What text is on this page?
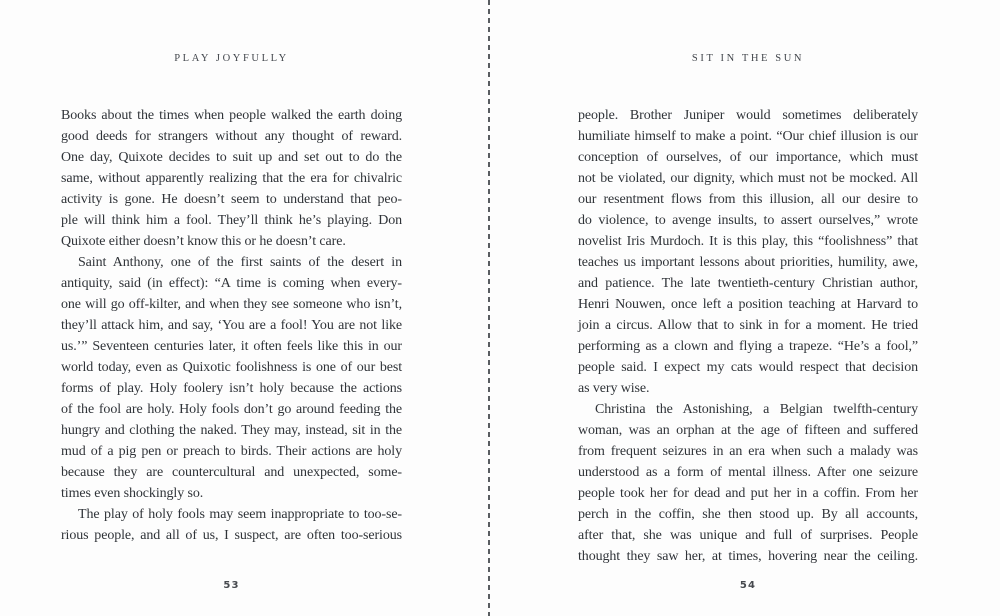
PLAY JOYFULLY
Books about the times when people walked the earth doing
good deeds for strangers without any thought of reward.
One day, Quixote decides to suit up and set out to do the
same, without apparently realizing that the era for chivalric
activity is gone. He doesn’t seem to understand that peo-
ple will think him a fool. They’ll think he’s playing. Don
Quixote either doesn’t know this or he doesn’t care.
Saint Anthony, one of the first saints of the desert in
antiquity, said (in effect): “A time is coming when every-
one will go off-kilter, and when they see someone who isn’t,
they’ll attack him, and say, ‘You are a fool! You are not like
us.’” Seventeen centuries later, it often feels like this in our
world today, even as Quixotic foolishness is one of our best
forms of play. Holy foolery isn’t holy because the actions
of the fool are holy. Holy fools don’t go around feeding the
hungry and clothing the naked. They may, instead, sit in the
mud of a pig pen or preach to birds. Their actions are holy
because they are countercultural and unexpected, some-
times even shockingly so.
The play of holy fools may seem inappropriate to too-se-
rious people, and all of us, I suspect, are often too-serious
53
SIT IN THE SUN
people. Brother Juniper would sometimes deliberately
humiliate himself to make a point. “Our chief illusion is our
conception of ourselves, of our importance, which must
not be violated, our dignity, which must not be mocked. All
our resentment flows from this illusion, all our desire to
do violence, to avenge insults, to assert ourselves,” wrote
novelist Iris Murdoch. It is this play, this “foolishness” that
teaches us important lessons about priorities, humility, awe,
and patience. The late twentieth-century Christian author,
Henri Nouwen, once left a position teaching at Harvard to
join a circus. Allow that to sink in for a moment. He tried
performing as a clown and flying a trapeze. “He’s a fool,”
people said. I expect my cats would respect that decision
as very wise.
Christina the Astonishing, a Belgian twelfth-century
woman, was an orphan at the age of fifteen and suffered
from frequent seizures in an era when such a malady was
understood as a form of mental illness. After one seizure
people took her for dead and put her in a coffin. From her
perch in the coffin, she then stood up. By all accounts,
after that, she was unique and full of surprises. People
thought they saw her, at times, hovering near the ceiling.
54
